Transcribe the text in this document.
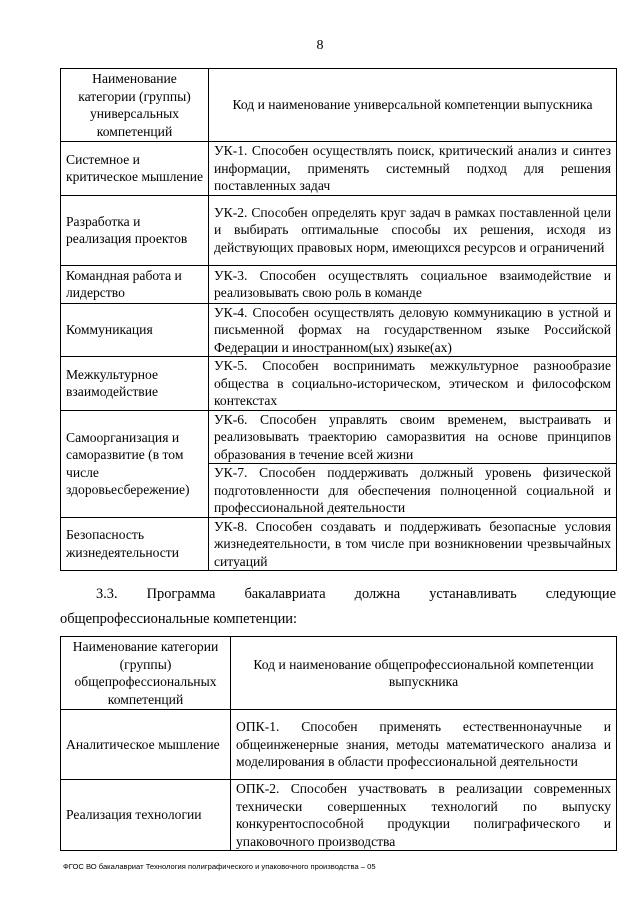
8
Наименование категории (группы) универсальных компетенций	Код и наименование универсальной компетенции выпускника
Системное и критическое мышление	УК-1. Способен осуществлять поиск, критический анализ и синтез информации, применять системный подход для решения поставленных задач
Разработка и реализация проектов	УК-2. Способен определять круг задач в рамках поставленной цели и выбирать оптимальные способы их решения, исходя из действующих правовых норм, имеющихся ресурсов и ограничений
Командная работа и лидерство	УК-3. Способен осуществлять социальное взаимодействие и реализовывать свою роль в команде
Коммуникация	УК-4. Способен осуществлять деловую коммуникацию в устной и письменной формах на государственном языке Российской Федерации и иностранном(ых) языке(ах)
Межкультурное взаимодействие	УК-5. Способен воспринимать межкультурное разнообразие общества в социально-историческом, этическом и философском контекстах
Самоорганизация и саморазвитие (в том числе здоровьесбережение)	УК-6. Способен управлять своим временем, выстраивать и реализовывать траекторию саморазвития на основе принципов образования в течение всей жизни
	УК-7. Способен поддерживать должный уровень физической подготовленности для обеспечения полноценной социальной и профессиональной деятельности
Безопасность жизнедеятельности	УК-8. Способен создавать и поддерживать безопасные условия жизнедеятельности, в том числе при возникновении чрезвычайных ситуаций
3.3. Программа бакалавриата должна устанавливать следующие
общепрофессиональные компетенции:
Наименование категории (группы) общепрофессиональных компетенций	Код и наименование общепрофессиональной компетенции выпускника
Аналитическое мышление	ОПК-1. Способен применять естественнонаучные и общеинженерные знания, методы математического анализа и моделирования в области профессиональной деятельности
Реализация технологии	ОПК-2. Способен участвовать в реализации современных технически совершенных технологий по выпуску конкурентоспособной продукции полиграфического и упаковочного производства
ФГОС ВО бакалавриат Технология полиграфического и упаковочного производства – 05
